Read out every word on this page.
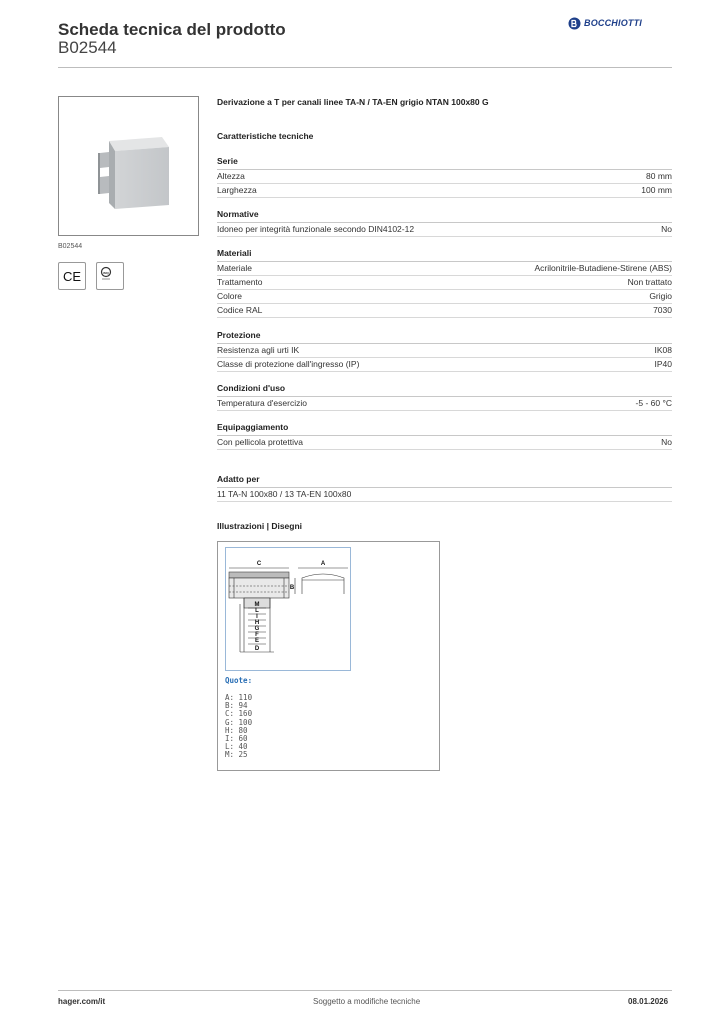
Scheda tecnica del prodotto
B02544
BOCCHIOTTI
B02544
CE	IMQ
Derivazione a T per canali linee TA-N / TA-EN grigio NTAN 100x80 G
Caratteristiche tecniche
Serie
Altezza	80 mm
Larghezza	100 mm
Normative
Idoneo per integrità funzionale secondo DIN4102-12	No
Materiali
Materiale	Acrilonitrile-Butadiene-Stirene (ABS)
Trattamento	Non trattato
Colore	Grigio
Codice RAL	7030
Protezione
Resistenza agli urti IK	IK08
Classe di protezione dall'ingresso (IP)	IP40
Condizioni d'uso
Temperatura d'esercizio	-5 - 60 °C
Equipaggiamento
Con pellicola protettiva	No
Adatto per
11 TA-N 100x80 / 13 TA-EN 100x80
Illustrazioni | Disegni
C	A
B
M
L
I
H
G
F
E
D
Quote:
A: 110
B: 94
C: 160
G: 100
H: 80
I: 60
L: 40
M: 25
hager.com/it	Soggetto a modifiche tecniche	08.01.2026
